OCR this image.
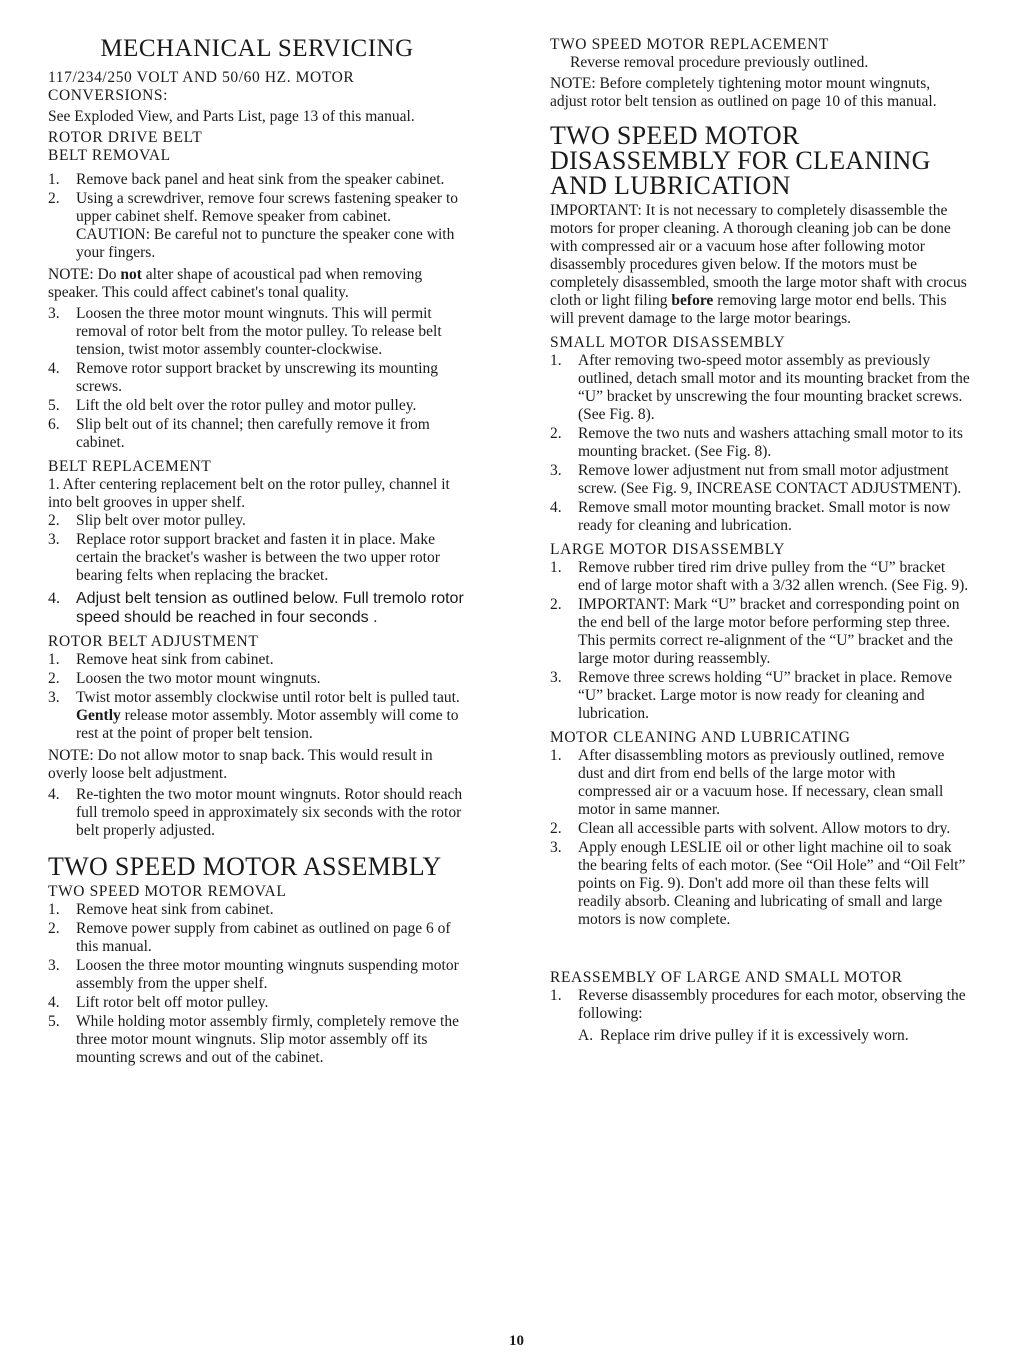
MECHANICAL SERVICING

117/234/250 VOLT AND 50/60 HZ. MOTOR CONVERSIONS:

See Exploded View, and Parts List, page 13 of this manual.

ROTOR DRIVE BELT

BELT REMOVAL

1. Remove back panel and heat sink from the speaker cabinet.
2. Using a screwdriver, remove four screws fastening speaker to upper cabinet shelf. Remove speaker from cabinet. CAUTION: Be careful not to puncture the speaker cone with your fingers.

NOTE: Do not alter shape of acoustical pad when removing speaker. This could affect cabinet's tonal quality.

3. Loosen the three motor mount wingnuts. This will permit removal of rotor belt from the motor pulley. To release belt tension, twist motor assembly counter-clockwise.
4. Remove rotor support bracket by unscrewing its mounting screws.
5. Lift the old belt over the rotor pulley and motor pulley.
6. Slip belt out of its channel; then carefully remove it from cabinet.

BELT REPLACEMENT

1. After centering replacement belt on the rotor pulley, channel it into belt grooves in upper shelf.

2. Slip belt over motor pulley.
3. Replace rotor support bracket and fasten it in place. Make certain the bracket's washer is between the two upper rotor bearing felts when replacing the bracket.
4. Adjust belt tension as outlined below. Full tremolo rotor speed should be reached in four seconds .

ROTOR BELT ADJUSTMENT

1. Remove heat sink from cabinet.
2. Loosen the two motor mount wingnuts.
3. Twist motor assembly clockwise until rotor belt is pulled taut. Gently release motor assembly. Motor assembly will come to rest at the point of proper belt tension.

NOTE: Do not allow motor to snap back. This would result in overly loose belt adjustment.

4. Re-tighten the two motor mount wingnuts. Rotor should reach full tremolo speed in approximately six seconds with the rotor belt properly adjusted.
TWO SPEED MOTOR ASSEMBLY

TWO SPEED MOTOR REMOVAL

1. Remove heat sink from cabinet.
2. Remove power supply from cabinet as outlined on page 6 of this manual.
3. Loosen the three motor mounting wingnuts suspending motor assembly from the upper shelf.
4. Lift rotor belt off motor pulley.
5. While holding motor assembly firmly, completely remove the three motor mount wingnuts. Slip motor assembly off its mounting screws and out of the cabinet.

TWO SPEED MOTOR REPLACEMENT

Reverse removal procedure previously outlined.

NOTE: Before completely tightening motor mount wingnuts, adjust rotor belt tension as outlined on page 10 of this manual.

TWO SPEED MOTOR DISASSEMBLY FOR CLEANING AND LUBRICATION

IMPORTANT: It is not necessary to completely disassemble the motors for proper cleaning. A thorough cleaning job can be done with compressed air or a vacuum hose after following motor disassembly procedures given below. If the motors must be completely disassembled, smooth the large motor shaft with crocus cloth or light filing before removing large motor end bells. This will prevent damage to the large motor bearings.

SMALL MOTOR DISASSEMBLY

1. After removing two-speed motor assembly as previously outlined, detach small motor and its mounting bracket from the “U” bracket by unscrewing the four mounting bracket screws. (See Fig. 8).
2. Remove the two nuts and washers attaching small motor to its mounting bracket. (See Fig. 8).
3. Remove lower adjustment nut from small motor adjustment screw. (See Fig. 9, INCREASE CONTACT ADJUSTMENT).
4. Remove small motor mounting bracket. Small motor is now ready for cleaning and lubrication.

LARGE MOTOR DISASSEMBLY

1. Remove rubber tired rim drive pulley from the “U” bracket end of large motor shaft with a 3/32 allen wrench. (See Fig. 9).
2. IMPORTANT: Mark “U” bracket and corresponding point on the end bell of the large motor before performing step three. This permits correct re-alignment of the “U” bracket and the large motor during reassembly.
3. Remove three screws holding “U” bracket in place. Remove “U” bracket. Large motor is now ready for cleaning and lubrication.

MOTOR CLEANING AND LUBRICATING

1. After disassembling motors as previously outlined, remove dust and dirt from end bells of the large motor with compressed air or a vacuum hose. If necessary, clean small motor in same manner.
2. Clean all accessible parts with solvent. Allow motors to dry.
3. Apply enough LESLIE oil or other light machine oil to soak the bearing felts of each motor. (See “Oil Hole” and “Oil Felt” points on Fig. 9). Don't add more oil than these felts will readily absorb. Cleaning and lubricating of small and large motors is now complete.

REASSEMBLY OF LARGE AND SMALL MOTOR

1. Reverse disassembly procedures for each motor, observing the following:
A. Replace rim drive pulley if it is excessively worn.
10
